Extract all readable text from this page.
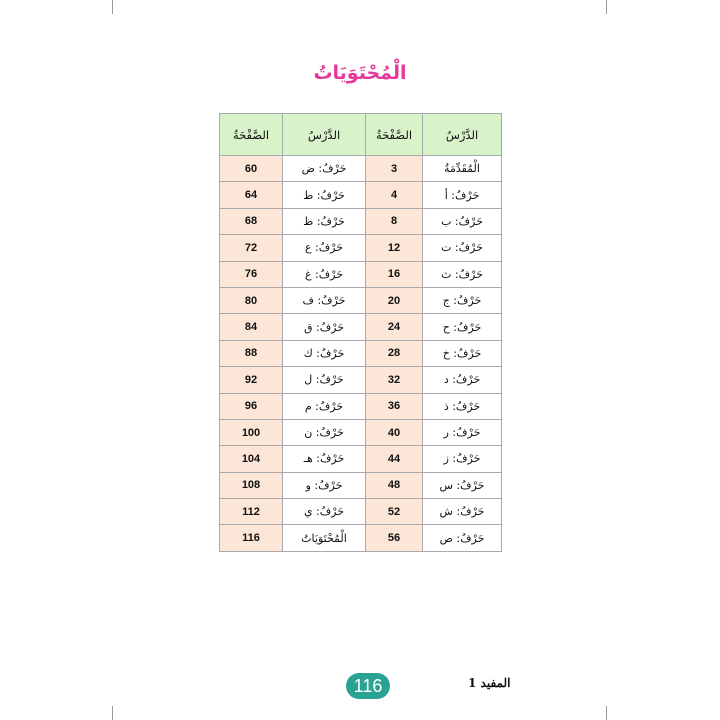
الْمُحْتَوَيَاتُ
الدَّرْسُ	الصَّفْحَةُ	الدَّرْسُ	الصَّفْحَةُ
الْمُقَدِّمَةُ	3	حَرْفُ: ض	60
حَرْفُ: أ	4	حَرْفُ: ط	64
حَرْفُ: ب	8	حَرْفُ: ظ	68
حَرْفُ: ت	12	حَرْفُ: ع	72
حَرْفُ: ث	16	حَرْفُ: غ	76
حَرْفُ: ج	20	حَرْفُ: ف	80
حَرْفُ: ح	24	حَرْفُ: ق	84
حَرْفُ: خ	28	حَرْفُ: ك	88
حَرْفُ: د	32	حَرْفُ: ل	92
حَرْفُ: ذ	36	حَرْفُ: م	96
حَرْفُ: ر	40	حَرْفُ: ن	100
حَرْفُ: ز	44	حَرْفُ: هـ	104
حَرْفُ: س	48	حَرْفُ: و	108
حَرْفُ: ش	52	حَرْفُ: ي	112
حَرْفُ: ص	56	الْمُحْتَوَيَاتُ	116
116	المفيد 1
